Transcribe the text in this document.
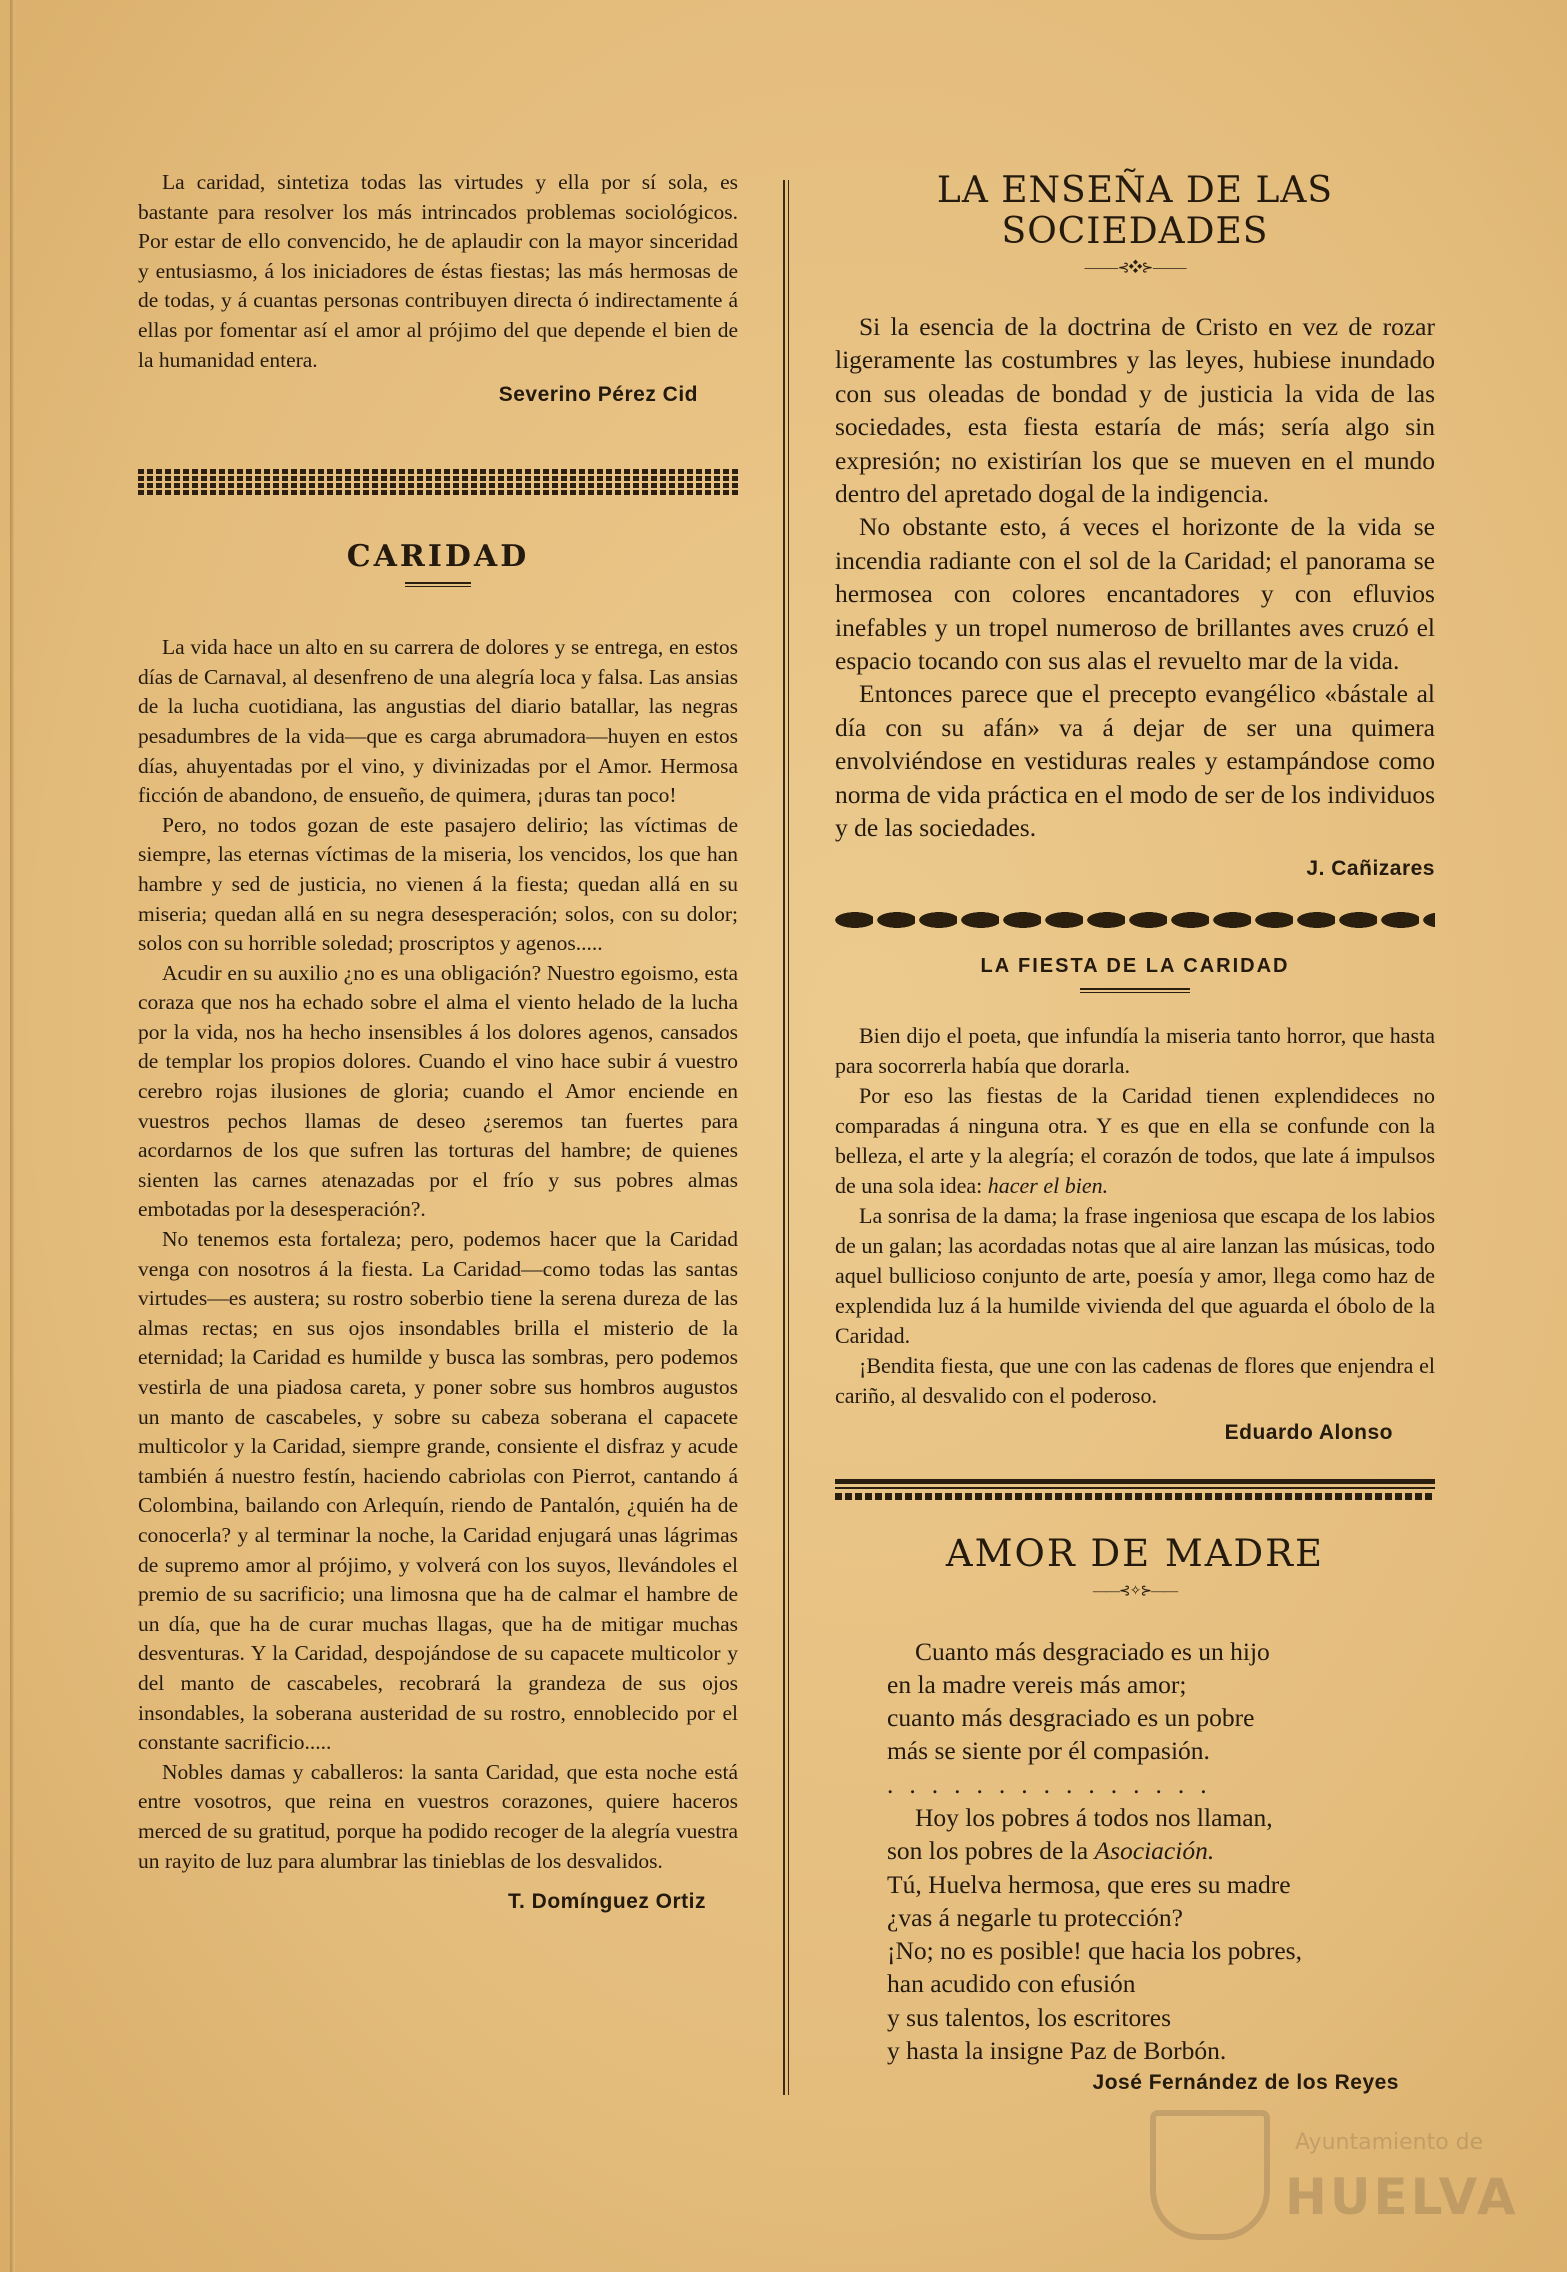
La caridad, sintetiza todas las virtudes y ella por sí sola, es bastante para resolver los más intrincados problemas sociológicos. Por estar de ello convencido, he de aplaudir con la mayor sinceridad y entusiasmo, á los iniciadores de éstas fiestas; las más hermosas de de todas, y á cuantas personas contribuyen directa ó indirectamente á ellas por fomentar así el amor al prójimo del que depende el bien de la humanidad entera.

Severino Pérez Cid
CARIDAD

La vida hace un alto en su carrera de dolores y se entrega, en estos días de Carnaval, al desenfreno de una alegría loca y falsa. Las ansias de la lucha cuotidiana, las angustias del diario batallar, las negras pesadumbres de la vida—que es carga abrumadora—huyen en estos días, ahuyentadas por el vino, y divinizadas por el Amor. Hermosa ficción de abandono, de ensueño, de quimera, ¡duras tan poco!

Pero, no todos gozan de este pasajero delirio; las víctimas de siempre, las eternas víctimas de la miseria, los vencidos, los que han hambre y sed de justicia, no vienen á la fiesta; quedan allá en su miseria; quedan allá en su negra desesperación; solos, con su dolor; solos con su horrible soledad; proscriptos y agenos.....

Acudir en su auxilio ¿no es una obligación? Nuestro egoismo, esta coraza que nos ha echado sobre el alma el viento helado de la lucha por la vida, nos ha hecho insensibles á los dolores agenos, cansados de templar los propios dolores. Cuando el vino hace subir á vuestro cerebro rojas ilusiones de gloria; cuando el Amor enciende en vuestros pechos llamas de deseo ¿seremos tan fuertes para acordarnos de los que sufren las torturas del hambre; de quienes sienten las carnes atenazadas por el frío y sus pobres almas embotadas por la desesperación?.

No tenemos esta fortaleza; pero, podemos hacer que la Caridad venga con nosotros á la fiesta. La Caridad—como todas las santas virtudes—es austera; su rostro soberbio tiene la serena dureza de las almas rectas; en sus ojos insondables brilla el misterio de la eternidad; la Caridad es humilde y busca las sombras, pero podemos vestirla de una piadosa careta, y poner sobre sus hombros augustos un manto de cascabeles, y sobre su cabeza soberana el capacete multicolor y la Caridad, siempre grande, consiente el disfraz y acude también á nuestro festín, haciendo cabriolas con Pierrot, cantando á Colombina, bailando con Arlequín, riendo de Pantalón, ¿quién ha de conocerla? y al terminar la noche, la Caridad enjugará unas lágrimas de supremo amor al prójimo, y volverá con los suyos, llevándoles el premio de su sacrificio; una limosna que ha de calmar el hambre de un día, que ha de curar muchas llagas, que ha de mitigar muchas desventuras. Y la Caridad, despojándose de su capacete multicolor y del manto de cascabeles, recobrará la grandeza de sus ojos insondables, la soberana austeridad de su rostro, ennoblecido por el constante sacrificio.....

Nobles damas y caballeros: la santa Caridad, que esta noche está entre vosotros, que reina en vuestros corazones, quiere haceros merced de su gratitud, porque ha podido recoger de la alegría vuestra un rayito de luz para alumbrar las tinieblas de los desvalidos.

T. Domínguez Ortiz
LA ENSEÑA DE LAS SOCIEDADES
⸻⊰❖⊱⸻

Si la esencia de la doctrina de Cristo en vez de rozar ligeramente las costumbres y las leyes, hubiese inundado con sus oleadas de bondad y de justicia la vida de las sociedades, esta fiesta estaría de más; sería algo sin expresión; no existirían los que se mueven en el mundo dentro del apretado dogal de la indigencia.

No obstante esto, á veces el horizonte de la vida se incendia radiante con el sol de la Caridad; el panorama se hermosea con colores encantadores y con efluvios inefables y un tropel numeroso de brillantes aves cruzó el espacio tocando con sus alas el revuelto mar de la vida.

Entonces parece que el precepto evangélico «bástale al día con su afán» va á dejar de ser una quimera envolviéndose en vestiduras reales y estampándose como norma de vida práctica en el modo de ser de los individuos y de las sociedades.

J. Cañizares
LA FIESTA DE LA CARIDAD

Bien dijo el poeta, que infundía la miseria tanto horror, que hasta para socorrerla había que dorarla.

Por eso las fiestas de la Caridad tienen explendideces no comparadas á ninguna otra. Y es que en ella se confunde con la belleza, el arte y la alegría; el corazón de todos, que late á impulsos de una sola idea: hacer el bien.

La sonrisa de la dama; la frase ingeniosa que escapa de los labios de un galan; las acordadas notas que al aire lanzan las músicas, todo aquel bullicioso conjunto de arte, poesía y amor, llega como haz de explendida luz á la humilde vivienda del que aguarda el óbolo de la Caridad.

¡Bendita fiesta, que une con las cadenas de flores que enjendra el cariño, al desvalido con el poderoso.

Eduardo Alonso
AMOR DE MADRE
——⊰✧⊱——
Cuanto más desgraciado es un hijo
en la madre vereis más amor;
cuanto más desgraciado es un pobre
más se siente por él compasión.
...............
Hoy los pobres á todos nos llaman,
son los pobres de la Asociación.
Tú, Huelva hermosa, que eres su madre
¿vas á negarle tu protección?
¡No; no es posible! que hacia los pobres,
han acudido con efusión
y sus talentos, los escritores
y hasta la insigne Paz de Borbón.
José Fernández de los Reyes
Ayuntamiento de
HUELVA
